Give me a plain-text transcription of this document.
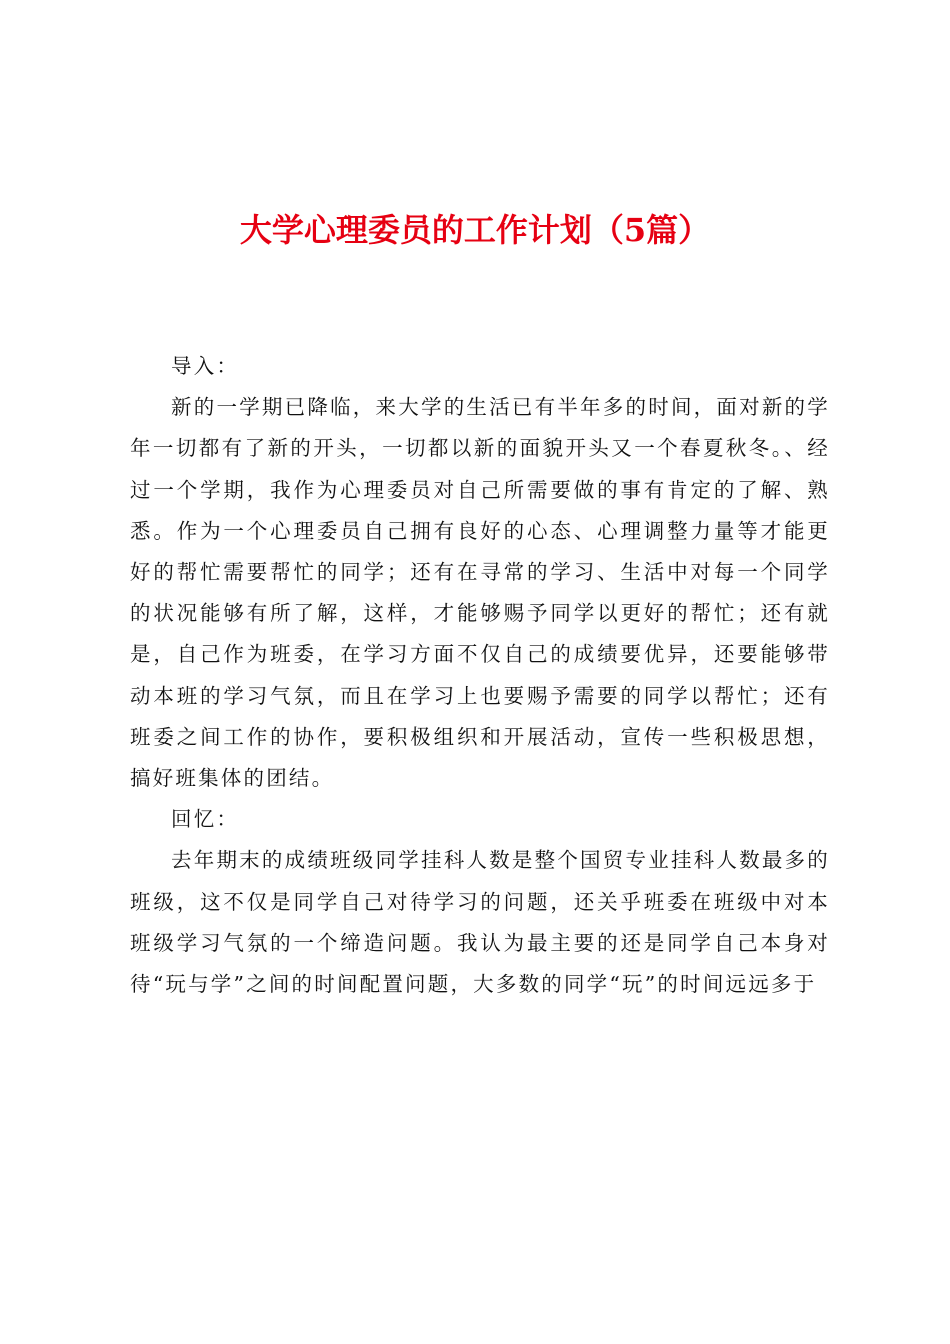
大学心理委员的工作计划（5篇）

导入：

新的一学期已降临，来大学的生活已有半年多的时间，面对新的学年一切都有了新的开头，一切都以新的面貌开头又一个春夏秋冬。、经过一个学期，我作为心理委员对自己所需要做的事有肯定的了解、熟悉。作为一个心理委员自己拥有良好的心态、心理调整力量等才能更好的帮忙需要帮忙的同学；还有在寻常的学习、生活中对每一个同学的状况能够有所了解，这样，才能够赐予同学以更好的帮忙；还有就是，自己作为班委，在学习方面不仅自己的成绩要优异，还要能够带动本班的学习气氛，而且在学习上也要赐予需要的同学以帮忙；还有班委之间工作的协作，要积极组织和开展活动，宣传一些积极思想，搞好班集体的团结。

回忆：

去年期末的成绩班级同学挂科人数是整个国贸专业挂科人数最多的班级，这不仅是同学自己对待学习的问题，还关乎班委在班级中对本班级学习气氛的一个缔造问题。我认为最主要的还是同学自己本身对待“玩与学”之间的时间配置问题，大多数的同学“玩”的时间远远多于
